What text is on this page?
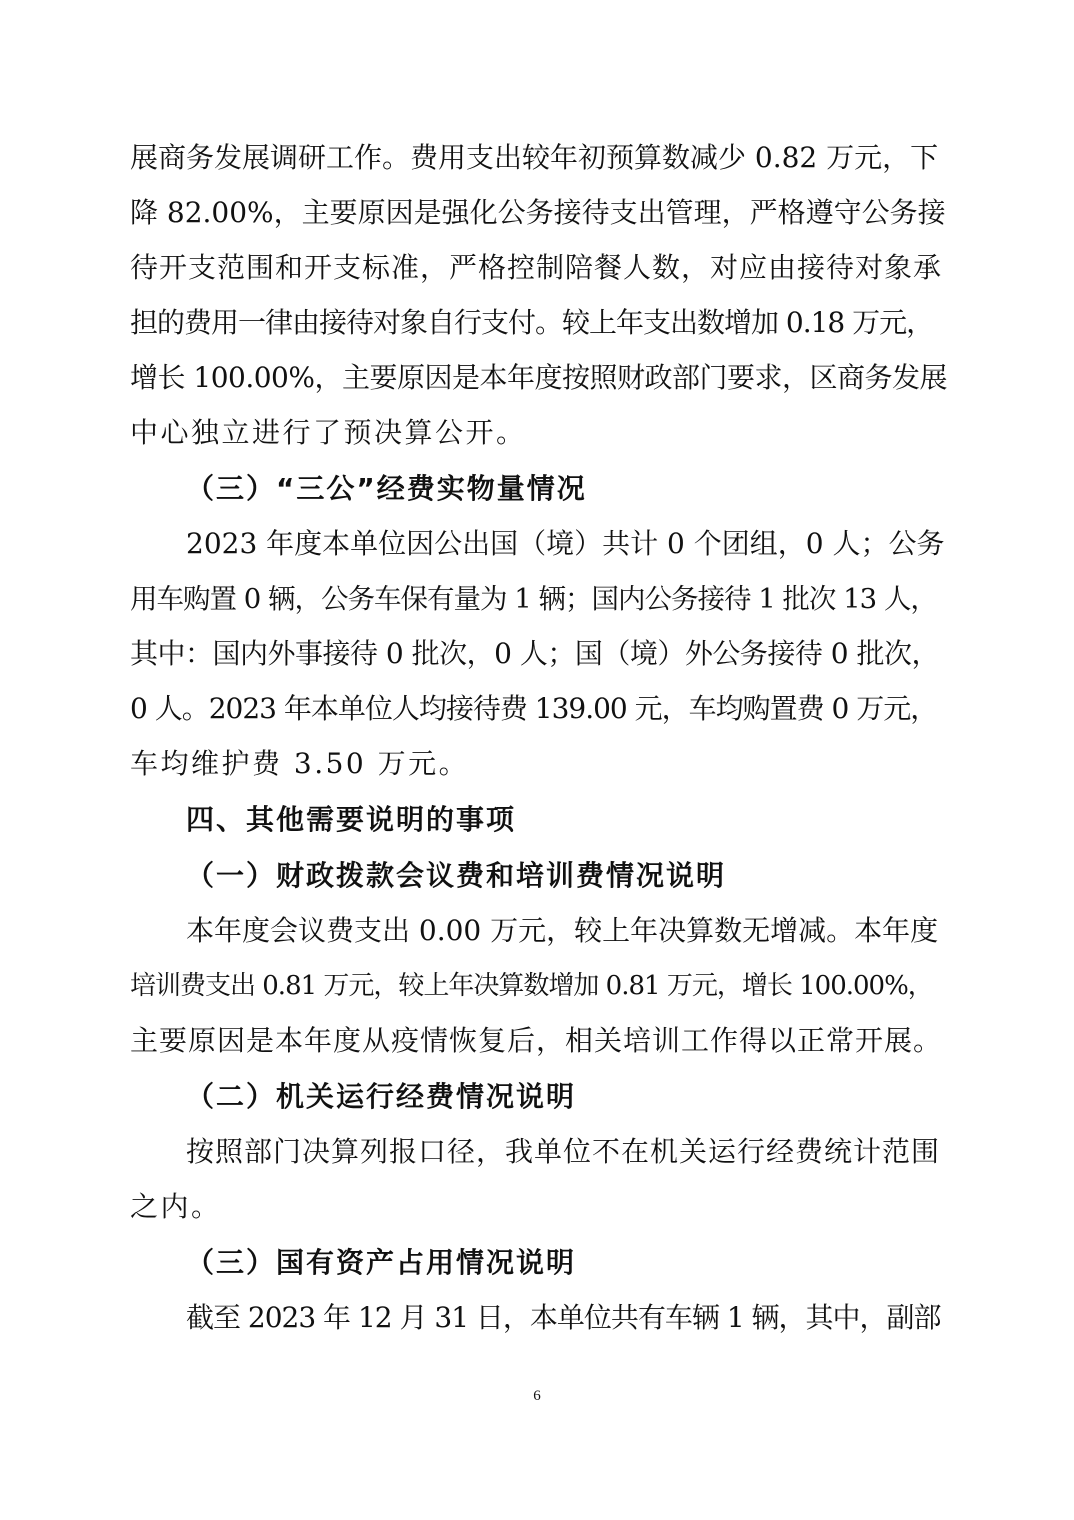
展商务发展调研工作。费用支出较年初预算数减少 0.82 万元，下
降 82.00%，主要原因是强化公务接待支出管理，严格遵守公务接
待开支范围和开支标准，严格控制陪餐人数，对应由接待对象承
担的费用一律由接待对象自行支付。较上年支出数增加 0.18 万元，
增长 100.00%，主要原因是本年度按照财政部门要求，区商务发展
中心独立进行了预决算公开。
（三）“三公”经费实物量情况
2023 年度本单位因公出国（境）共计 0 个团组，0 人；公务
用车购置 0 辆，公务车保有量为 1 辆；国内公务接待 1 批次 13 人，
其中：国内外事接待 0 批次，0 人；国（境）外公务接待 0 批次，
0 人。2023 年本单位人均接待费 139.00 元，车均购置费 0 万元，
车均维护费 3.50 万元。
四、其他需要说明的事项
（一）财政拨款会议费和培训费情况说明
本年度会议费支出 0.00 万元，较上年决算数无增减。本年度
培训费支出 0.81 万元，较上年决算数增加 0.81 万元，增长 100.00%，
主要原因是本年度从疫情恢复后，相关培训工作得以正常开展。
（二）机关运行经费情况说明
按照部门决算列报口径，我单位不在机关运行经费统计范围
之内。
（三）国有资产占用情况说明
截至 2023 年 12 月 31 日，本单位共有车辆 1 辆，其中，副部
6
